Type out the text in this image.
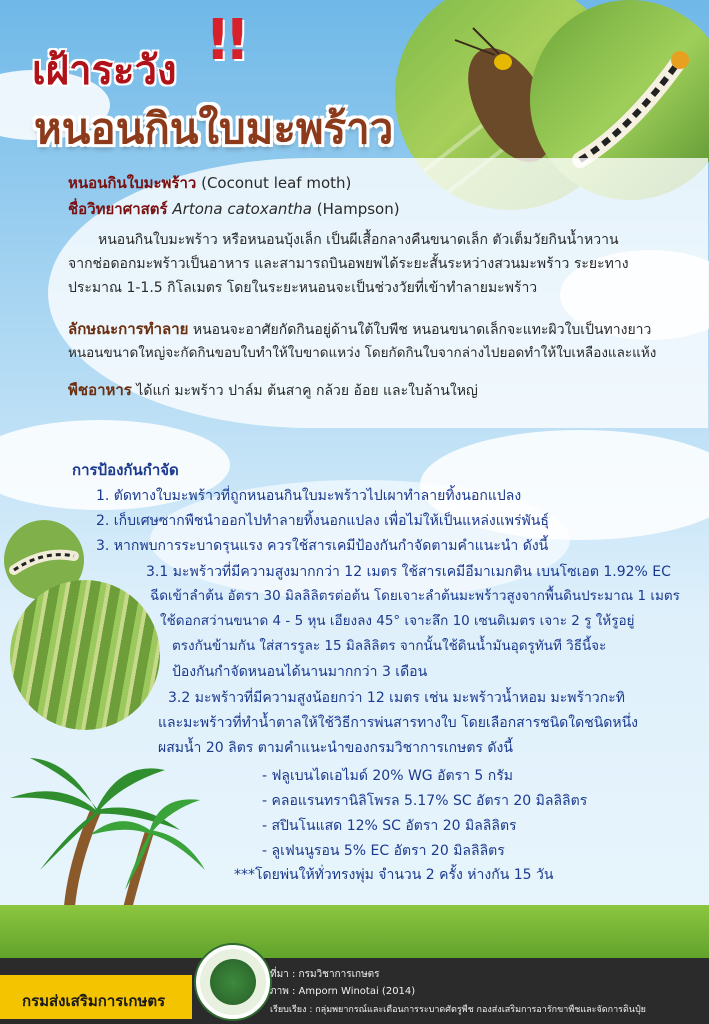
เฝ้าระวัง !!
หนอนกินใบมะพร้าว
หนอนกินใบมะพร้าว (Coconut leaf moth)
ชื่อวิทยาศาสตร์ Artona catoxantha (Hampson)
หนอนกินใบมะพร้าว หรือหนอนบุ้งเล็ก เป็นผีเสื้อกลางคืนขนาดเล็ก ตัวเต็มวัยกินน้ำหวาน
จากช่อดอกมะพร้าวเป็นอาหาร และสามารถบินอพยพได้ระยะสั้นระหว่างสวนมะพร้าว ระยะทาง
ประมาณ 1-1.5 กิโลเมตร โดยในระยะหนอนจะเป็นช่วงวัยที่เข้าทำลายมะพร้าว
ลักษณะการทำลาย หนอนจะอาศัยกัดกินอยู่ด้านใต้ใบพืช หนอนขนาดเล็กจะแทะผิวใบเป็นทางยาว
หนอนขนาดใหญ่จะกัดกินขอบใบทำให้ใบขาดแหว่ง โดยกัดกินใบจากล่างไปยอดทำให้ใบเหลืองและแห้ง
พืชอาหาร ได้แก่ มะพร้าว ปาล์ม ต้นสาคู กล้วย อ้อย และใบล้านใหญ่
การป้องกันกำจัด
1. ตัดทางใบมะพร้าวที่ถูกหนอนกินใบมะพร้าวไปเผาทำลายทิ้งนอกแปลง
2. เก็บเศษซากพืชนำออกไปทำลายทิ้งนอกแปลง เพื่อไม่ให้เป็นแหล่งแพร่พันธุ์
3. หากพบการระบาดรุนแรง ควรใช้สารเคมีป้องกันกำจัดตามคำแนะนำ ดังนี้
3.1 มะพร้าวที่มีความสูงมากกว่า 12 เมตร ใช้สารเคมีอีมาเมกติน เบนโซเอต 1.92% EC
ฉีดเข้าลำต้น อัตรา 30 มิลลิลิตรต่อต้น โดยเจาะลำต้นมะพร้าวสูงจากพื้นดินประมาณ 1 เมตร
ใช้ดอกสว่านขนาด 4 - 5 หุน เอียงลง 45° เจาะลึก 10 เซนติเมตร เจาะ 2 รู ให้รูอยู่
ตรงกันข้ามกัน ใส่สารรูละ 15 มิลลิลิตร จากนั้นใช้ดินน้ำมันอุดรูทันที วิธีนี้จะ
ป้องกันกำจัดหนอนได้นานมากกว่า 3 เดือน
3.2 มะพร้าวที่มีความสูงน้อยกว่า 12 เมตร เช่น มะพร้าวน้ำหอม มะพร้าวกะทิ
และมะพร้าวที่ทำน้ำตาลให้ใช้วิธีการพ่นสารทางใบ โดยเลือกสารชนิดใดชนิดหนึ่ง
ผสมน้ำ 20 ลิตร ตามคำแนะนำของกรมวิชาการเกษตร ดังนี้
- ฟลูเบนไดเอไมด์ 20% WG อัตรา 5 กรัม
- คลอแรนทรานิลิโพรล 5.17% SC อัตรา 20 มิลลิลิตร
- สปินโนแสด 12% SC อัตรา 20 มิลลิลิตร
- ลูเฟนนูรอน 5% EC อัตรา 20 มิลลิลิตร
***โดยพ่นให้ทั่วทรงพุ่ม จำนวน 2 ครั้ง ห่างกัน 15 วัน
กรมส่งเสริมการเกษตร
ที่มา : กรมวิชาการเกษตร
ภาพ : Amporn Winotai (2014)
เรียบเรียง : กลุ่มพยากรณ์และเตือนการระบาดศัตรูพืช กองส่งเสริมการอารักขาพืชและจัดการดินปุ๋ย
